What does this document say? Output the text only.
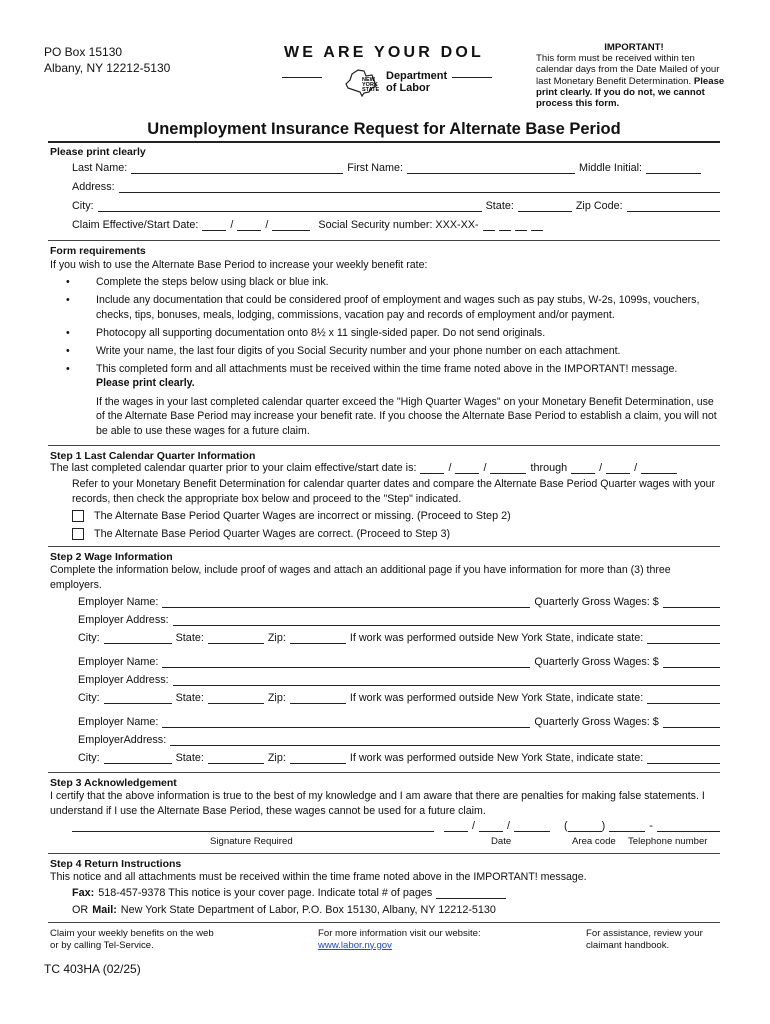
PO Box 15130
Albany, NY 12212-5130
WE ARE YOUR DOL
NEW
YORK
STATE
Department
of Labor
IMPORTANT!
This form must be received within ten calendar days from the Date Mailed of your last Monetary Benefit Determination. Please print clearly. If you do not, we cannot process this form.
Unemployment Insurance Request for Alternate Base Period
Please print clearly
Last Name:	First Name:	Middle Initial:
Address:
City:	State:	Zip Code:
Claim Effective/Start Date:	/	/	Social Security number: XXX-XX-
Form requirements
If you wish to use the Alternate Base Period to increase your weekly benefit rate:
•	Complete the steps below using black or blue ink.
•	Include any documentation that could be considered proof of employment and wages such as pay stubs, W-2s, 1099s, vouchers, checks, tips, bonuses, meals, lodging, commissions, vacation pay and records of employment and/or payment.
•	Photocopy all supporting documentation onto 8½ x 11 single-sided paper. Do not send originals.
•	Write your name, the last four digits of you Social Security number and your phone number on each attachment.
•	This completed form and all attachments must be received within the time frame noted above in the IMPORTANT! message.
Please print clearly.
If the wages in your last completed calendar quarter exceed the "High Quarter Wages" on your Monetary Benefit Determination, use of the Alternate Base Period may increase your benefit rate. If you choose the Alternate Base Period to establish a claim, you will not be able to use these wages for a future claim.
Step 1 Last Calendar Quarter Information
The last completed calendar quarter prior to your claim effective/start date is:	/	/	through	/	/
Refer to your Monetary Benefit Determination for calendar quarter dates and compare the Alternate Base Period Quarter wages with your records, then check the appropriate box below and proceed to the "Step" indicated.
The Alternate Base Period Quarter Wages are incorrect or missing. (Proceed to Step 2)
The Alternate Base Period Quarter Wages are correct. (Proceed to Step 3)
Step 2 Wage Information
Complete the information below, include proof of wages and attach an additional page if you have information for more than (3) three employers.
Employer Name:	Quarterly Gross Wages: $
Employer Address:
City:	State:	Zip:	If work was performed outside New York State, indicate state:
Employer Name:	Quarterly Gross Wages: $
Employer Address:
City:	State:	Zip:	If work was performed outside New York State, indicate state:
Employer Name:	Quarterly Gross Wages: $
EmployerAddress:
City:	State:	Zip:	If work was performed outside New York State, indicate state:
Step 3 Acknowledgement
I certify that the above information is true to the best of my knowledge and I am aware that there are penalties for making false statements. I understand if I use the Alternate Base Period, these wages cannot be used for a future claim.
/	/	(	)	-
Signature Required	Date	Area code Telephone number
Step 4 Return Instructions
This notice and all attachments must be received within the time frame noted above in the IMPORTANT! message.
Fax: 518-457-9378 This notice is your cover page. Indicate total # of pages
OR Mail: New York State Department of Labor, P.O. Box 15130, Albany, NY 12212-5130
Claim your weekly benefits on the web or by calling Tel-Service.
For more information visit our website: www.labor.ny.gov
For assistance, review your claimant handbook.
TC 403HA (02/25)
